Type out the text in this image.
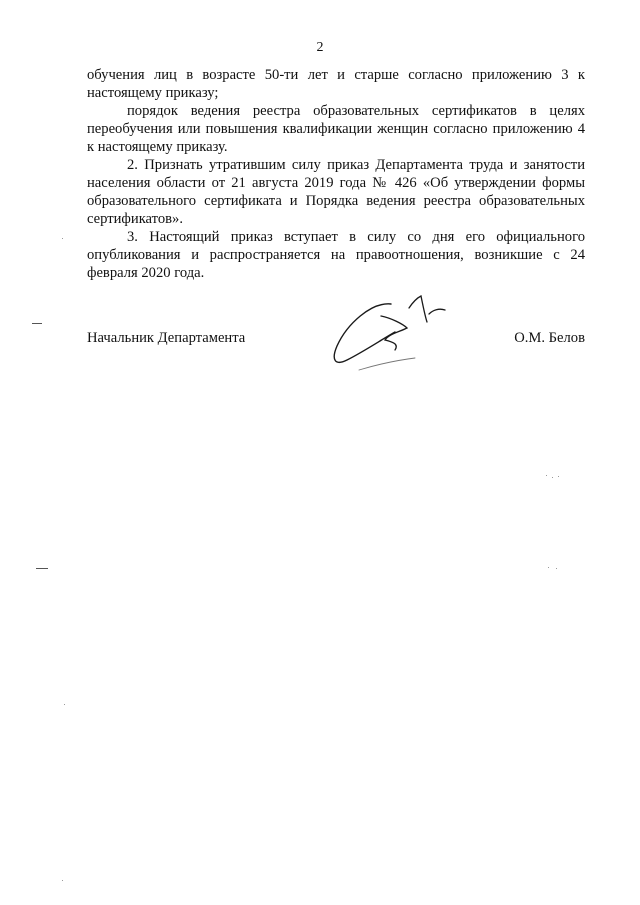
2

обучения лиц в возрасте 50-ти лет и старше согласно приложению 3 к настоящему приказу;

порядок ведения реестра образовательных сертификатов в целях переобучения или повышения квалификации женщин согласно приложению 4 к настоящему приказу.

2. Признать утратившим силу приказ Департамента труда и занятости населения области от 21 августа 2019 года № 426 «Об утверждении формы образовательного сертификата и Порядка ведения реестра образовательных сертификатов».

3. Настоящий приказ вступает в силу со дня его официального опубликования и распространяется на правоотношения, возникшие с 24 февраля 2020 года.

Начальник Департамента	О.М. Белов
